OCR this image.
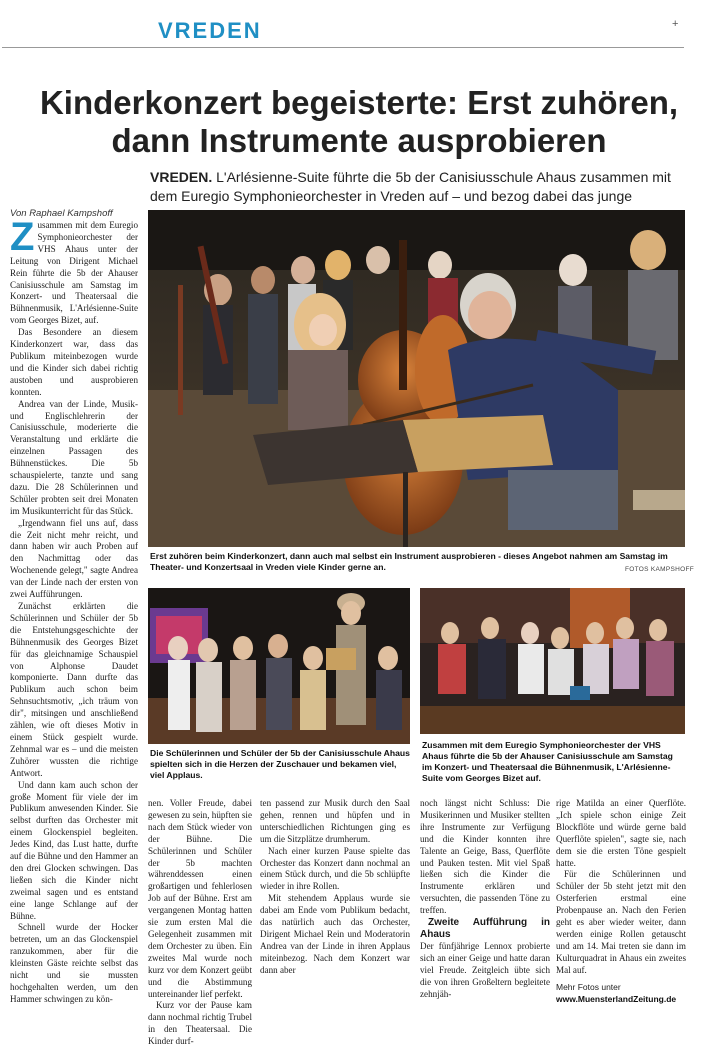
VREDEN	+
Kinderkonzert begeisterte: Erst zuhören,
dann Instrumente ausprobieren
VREDEN. L'Arlésienne-Suite führte die 5b der Canisiusschule Ahaus zusammen mit dem Euregio Symphonieorchester in Vreden auf – und bezog dabei das junge
Von Raphael Kampshoff

Zusammen mit dem Euregio Symphonieorchester der VHS Ahaus unter der Leitung von Dirigent Michael Rein führte die 5b der Ahauser Canisiusschule am Samstag im Konzert- und Theatersaal die Bühnenmusik, L'Arlésienne-Suite vom Georges Bizet, auf.

Das Besondere an diesem Kinderkonzert war, dass das Publikum miteinbezogen wurde und die Kinder sich dabei richtig austoben und ausprobieren konnten.

Andrea van der Linde, Musik- und Englischlehrerin der Canisiusschule, moderierte die Veranstaltung und erklärte die einzelnen Passagen des Bühnenstückes. Die 5b schauspielerte, tanzte und sang dazu. Die 28 Schülerinnen und Schüler probten seit drei Monaten im Musikunterricht für das Stück.

„Irgendwann fiel uns auf, dass die Zeit nicht mehr reicht, und dann haben wir auch Proben auf den Nachmittag oder das Wochenende gelegt," sagte Andrea van der Linde nach der ersten von zwei Aufführungen.

Zunächst erklärten die Schülerinnen und Schüler der 5b die Entstehungsgeschichte der Bühnenmusik des Georges Bizet für das gleichnamige Schauspiel von Alphonse Daudet komponierte. Dann durfte das Publikum auch schon beim Sehnsuchtsmotiv, „ich träum von dir", mitsingen und anschließend zählen, wie oft dieses Motiv in einem Stück gespielt wurde. Zehnmal war es – und die meisten Zuhörer wussten die richtige Antwort.

Und dann kam auch schon der große Moment für viele der im Publikum anwesenden Kinder. Sie selbst durften das Orchester mit einem Glockenspiel begleiten. Jedes Kind, das Lust hatte, durfte auf die Bühne und den Hammer an den drei Glocken schwingen. Das ließen sich die Kinder nicht zweimal sagen und es entstand eine lange Schlange auf der Bühne.

Schnell wurde der Hocker betreten, um an das Glockenspiel ranzukommen, aber für die kleinsten Gäste reichte selbst das nicht und sie mussten hochgehalten werden, um den Hammer schwingen zu kön-

Erst zuhören beim Kinderkonzert, dann auch mal selbst ein Instrument ausprobieren - dieses Angebot nahmen am Samstag im Theater- und Konzertsaal in Vreden viele Kinder gerne an.	FOTOS KAMPSHOFF
Die Schülerinnen und Schüler der 5b der Canisiusschule Ahaus spielten sich in die Herzen der Zuschauer und bekamen viel, viel Applaus.
Zusammen mit dem Euregio Symphonieorchester der VHS Ahaus führte die 5b der Ahauser Canisiusschule am Samstag im Konzert- und Theatersaal die Bühnenmusik, L'Arlésienne-Suite vom Georges Bizet auf.

nen. Voller Freude, dabei gewesen zu sein, hüpften sie nach dem Stück wieder von der Bühne. Die Schülerinnen und Schüler der 5b machten währenddessen einen großartigen und fehlerlosen Job auf der Bühne. Erst am vergangenen Montag hatten sie zum ersten Mal die Gelegenheit zusammen mit dem Orchester zu üben. Ein zweites Mal wurde noch kurz vor dem Konzert geübt und die Abstimmung untereinander lief perfekt.

Kurz vor der Pause kam dann nochmal richtig Trubel in den Theatersaal. Die Kinder durf-

ten passend zur Musik durch den Saal gehen, rennen und hüpfen und in unterschiedlichen Richtungen ging es um die Sitzplätze drumherum.

Nach einer kurzen Pause spielte das Orchester das Konzert dann nochmal an einem Stück durch, und die 5b schlüpfte wieder in ihre Rollen.

Mit stehendem Applaus wurde sie dabei am Ende vom Publikum bedacht, das natürlich auch das Orchester, Dirigent Michael Rein und Moderatorin Andrea van der Linde in ihren Applaus miteinbezog. Nach dem Konzert war dann aber

noch längst nicht Schluss: Die Musikerinnen und Musiker stellten ihre Instrumente zur Verfügung und die Kinder konnten ihre Talente an Geige, Bass, Querflöte und Pauken testen. Mit viel Spaß ließen sich die Kinder die Instrumente erklären und versuchten, die passenden Töne zu treffen.

Zweite Aufführung in Ahaus

Der fünfjährige Lennox probierte sich an einer Geige und hatte daran viel Freude. Zeitgleich übte sich die von ihren Großeltern begleitete zehnjäh-

rige Matilda an einer Querflöte. „Ich spiele schon einige Zeit Blockflöte und würde gerne bald Querflöte spielen", sagte sie, nach dem sie die ersten Töne gespielt hatte.

Für die Schülerinnen und Schüler der 5b steht jetzt mit den Osterferien erstmal eine Probenpause an. Nach den Ferien geht es aber wieder weiter, dann werden einige Rollen getauscht und am 14. Mai treten sie dann im Kulturquadrat in Ahaus ein zweites Mal auf.

Mehr Fotos unter
www.MuensterlandZeitung.de
